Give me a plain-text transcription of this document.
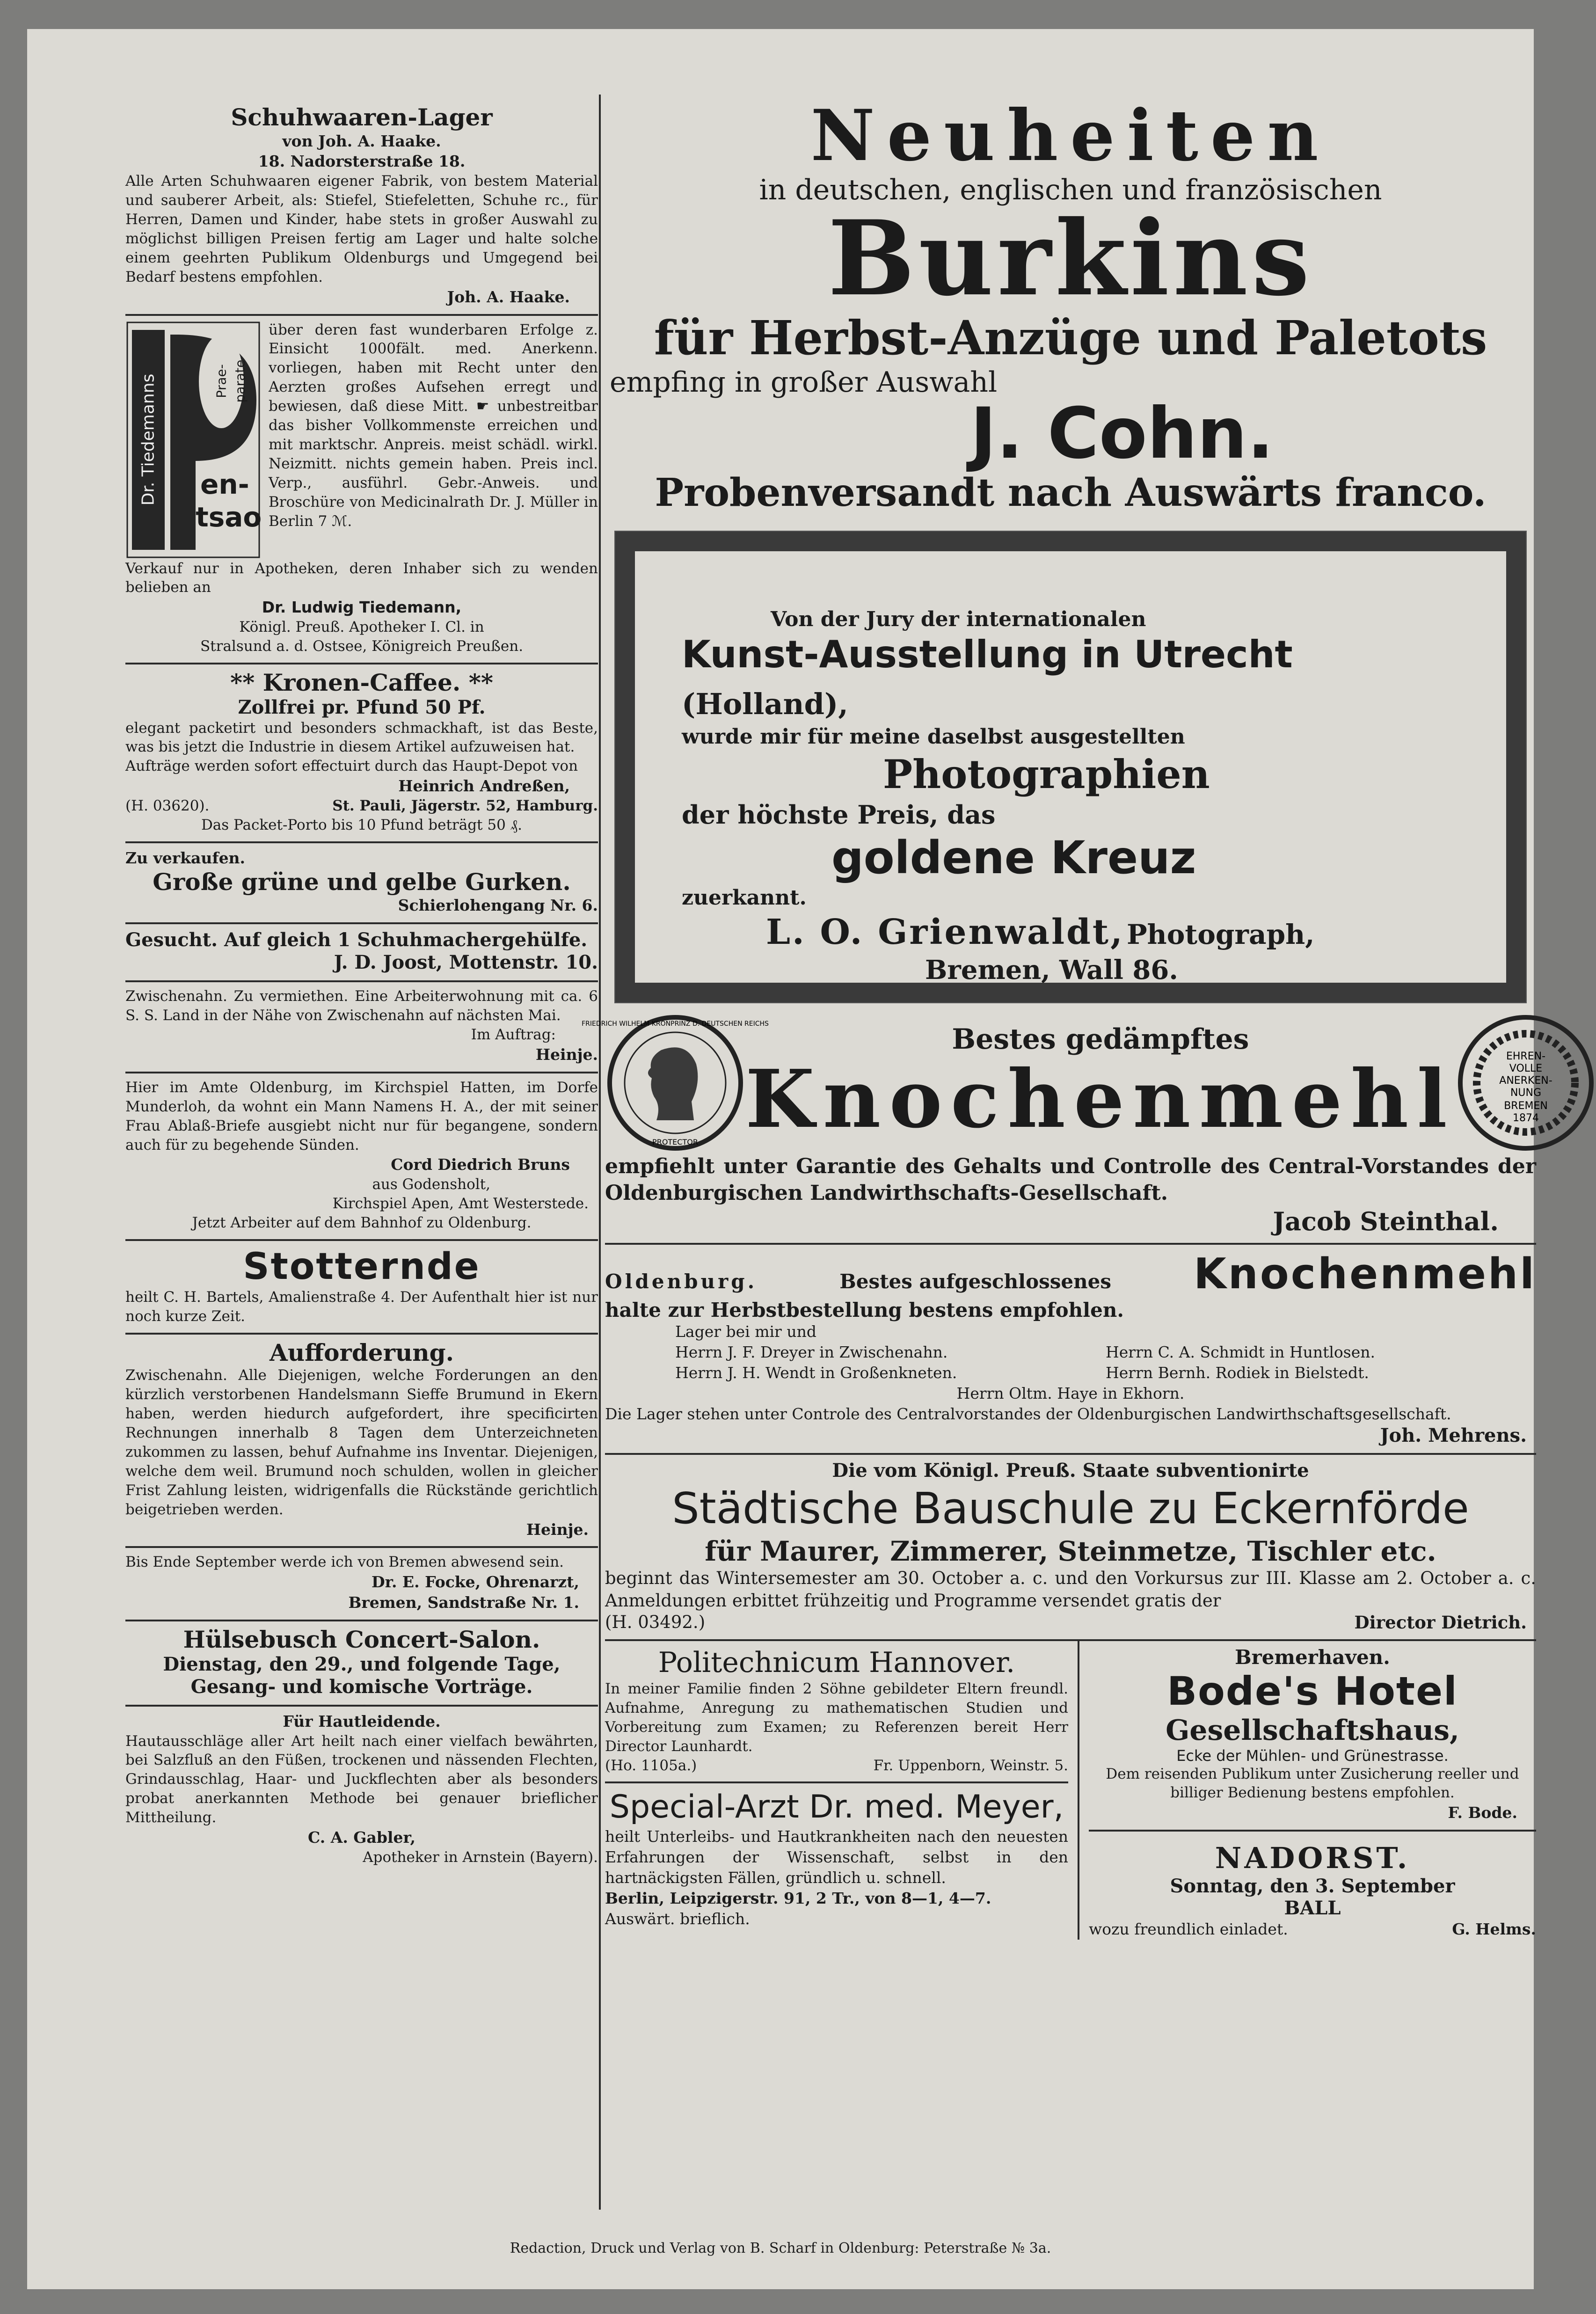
Schuhwaaren-Lager
von Joh. A. Haake.
18. Nadorsterstraße 18.
Alle Arten Schuhwaaren eigener Fabrik, von bestem Material und sauberer Arbeit, als: Stiefel, Stiefeletten, Schuhe rc., für Herren, Damen und Kinder, habe stets in großer Auswahl zu möglichst billigen Preisen fertig am Lager und halte solche einem geehrten Publikum Oldenburgs und Umgegend bei Bedarf bestens empfohlen.
Joh. A. Haake.
Dr. Tiedemanns	Prae- parate
en-
tsao
über deren fast wunderbaren Erfolge z. Einsicht 1000fält. med. Anerkenn. vorliegen, haben mit Recht unter den Aerzten großes Aufsehen erregt und bewiesen, daß diese Mitt. ☛ unbestreitbar das bisher Vollkommenste erreichen und mit marktschr. Anpreis. meist schädl. wirkl. Neizmitt. nichts gemein haben. Preis incl. Verp., ausführl. Gebr.-Anweis. und Broschüre von Medicinalrath Dr. J. Müller in Berlin 7 ℳ.
Verkauf nur in Apotheken, deren Inhaber sich zu wenden belieben an
Dr. Ludwig Tiedemann,
Königl. Preuß. Apotheker I. Cl. in
Stralsund a. d. Ostsee, Königreich Preußen.
** Kronen-Caffee. **
Zollfrei pr. Pfund 50 Pf.
elegant packetirt und besonders schmackhaft, ist das Beste, was bis jetzt die Industrie in diesem Artikel aufzuweisen hat.
Aufträge werden sofort effectuirt durch das Haupt-Depot von
Heinrich Andreßen,
(H. 03620).	St. Pauli, Jägerstr. 52, Hamburg.
Das Packet-Porto bis 10 Pfund beträgt 50 ₰.
Zu verkaufen.
Große grüne und gelbe Gurken.
Schierlohengang Nr. 6.
Gesucht. Auf gleich 1 Schuhmachergehülfe.
J. D. Joost, Mottenstr. 10.
Zwischenahn. Zu vermiethen. Eine Arbeiterwohnung mit ca. 6 S. S. Land in der Nähe von Zwischenahn auf nächsten Mai.
Im Auftrag:
Heinje.
Hier im Amte Oldenburg, im Kirchspiel Hatten, im Dorfe Munderloh, da wohnt ein Mann Namens H. A., der mit seiner Frau Ablaß-Briefe ausgiebt nicht nur für begangene, sondern auch für zu begehende Sünden.
Cord Diedrich Bruns
aus Godensholt,
Kirchspiel Apen, Amt Westerstede.
Jetzt Arbeiter auf dem Bahnhof zu Oldenburg.
Stotternde
heilt C. H. Bartels, Amalienstraße 4. Der Aufenthalt hier ist nur noch kurze Zeit.
Aufforderung.
Zwischenahn. Alle Diejenigen, welche Forderungen an den kürzlich verstorbenen Handelsmann Sieffe Brumund in Ekern haben, werden hiedurch aufgefordert, ihre specificirten Rechnungen innerhalb 8 Tagen dem Unterzeichneten zukommen zu lassen, behuf Aufnahme ins Inventar. Diejenigen, welche dem weil. Brumund noch schulden, wollen in gleicher Frist Zahlung leisten, widrigenfalls die Rückstände gerichtlich beigetrieben werden.
Heinje.
Bis Ende September werde ich von Bremen abwesend sein.
Dr. E. Focke, Ohrenarzt,
Bremen, Sandstraße Nr. 1.
Hülsebusch Concert-Salon.
Dienstag, den 29., und folgende Tage,
Gesang- und komische Vorträge.
Für Hautleidende.
Hautausschläge aller Art heilt nach einer vielfach bewährten, bei Salzfluß an den Füßen, trockenen und nässenden Flechten, Grindausschlag, Haar- und Juckflechten aber als besonders probat anerkannten Methode bei genauer brieflicher Mittheilung.
C. A. Gabler,
Apotheker in Arnstein (Bayern).
Neuheiten
in deutschen, englischen und französischen
Burkins
für Herbst-Anzüge und Paletots
empfing in großer Auswahl
J. Cohn.
Probenversandt nach Auswärts franco.
Von der Jury der internationalen
Kunst-Ausstellung in Utrecht (Holland),
wurde mir für meine daselbst ausgestellten
Photographien
der höchste Preis, das
goldene Kreuz
zuerkannt.
L. O. Grienwaldt, Photograph,
Bremen, Wall 86.
FRIEDRICH WILHELM KRONPRINZ D. DEUTSCHEN REICHS
PROTECTOR
Bestes gedämpftes
Knochenmehl	EHREN-
VOLLE
ANERKEN-
NUNG
BREMEN
1874
empfiehlt unter Garantie des Gehalts und Controlle des Central-Vorstandes der Oldenburgischen Landwirthschafts-Gesellschaft.
Jacob Steinthal.
Oldenburg.	Bestes aufgeschlossenes Knochenmehl
halte zur Herbstbestellung bestens empfohlen.
Lager bei mir und
Herrn J. F. Dreyer in Zwischenahn.	Herrn C. A. Schmidt in Huntlosen.
Herrn J. H. Wendt in Großenkneten.	Herrn Bernh. Rodiek in Bielstedt.
Herrn Oltm. Haye in Ekhorn.
Die Lager stehen unter Controle des Centralvorstandes der Oldenburgischen Landwirthschaftsgesellschaft.
Joh. Mehrens.
Die vom Königl. Preuß. Staate subventionirte
Städtische Bauschule zu Eckernförde
für Maurer, Zimmerer, Steinmetze, Tischler etc.
beginnt das Wintersemester am 30. October a. c. und den Vorkursus zur III. Klasse am 2. October a. c. Anmeldungen erbittet frühzeitig und Programme versendet gratis der
(H. 03492.)	Director Dietrich.
Politechnicum Hannover.
In meiner Familie finden 2 Söhne gebildeter Eltern freundl. Aufnahme, Anregung zu mathematischen Studien und Vorbereitung zum Examen; zu Referenzen bereit Herr Director Launhardt.
(Ho. 1105a.)	Fr. Uppenborn, Weinstr. 5.
Special-Arzt Dr. med. Meyer,
heilt Unterleibs- und Hautkrankheiten nach den neuesten Erfahrungen der Wissenschaft, selbst in den hartnäckigsten Fällen, gründlich u. schnell.
Berlin, Leipzigerstr. 91, 2 Tr., von 8—1, 4—7.
Auswärt. brieflich.
Bremerhaven.
Bode's Hotel
Gesellschaftshaus,
Ecke der Mühlen- und Grünestrasse.
Dem reisenden Publikum unter Zusicherung reeller und billiger Bedienung bestens empfohlen.
F. Bode.
NADORST.
Sonntag, den 3. September
BALL
wozu freundlich einladet.	G. Helms.
Redaction, Druck und Verlag von B. Scharf in Oldenburg: Peterstraße № 3a.
